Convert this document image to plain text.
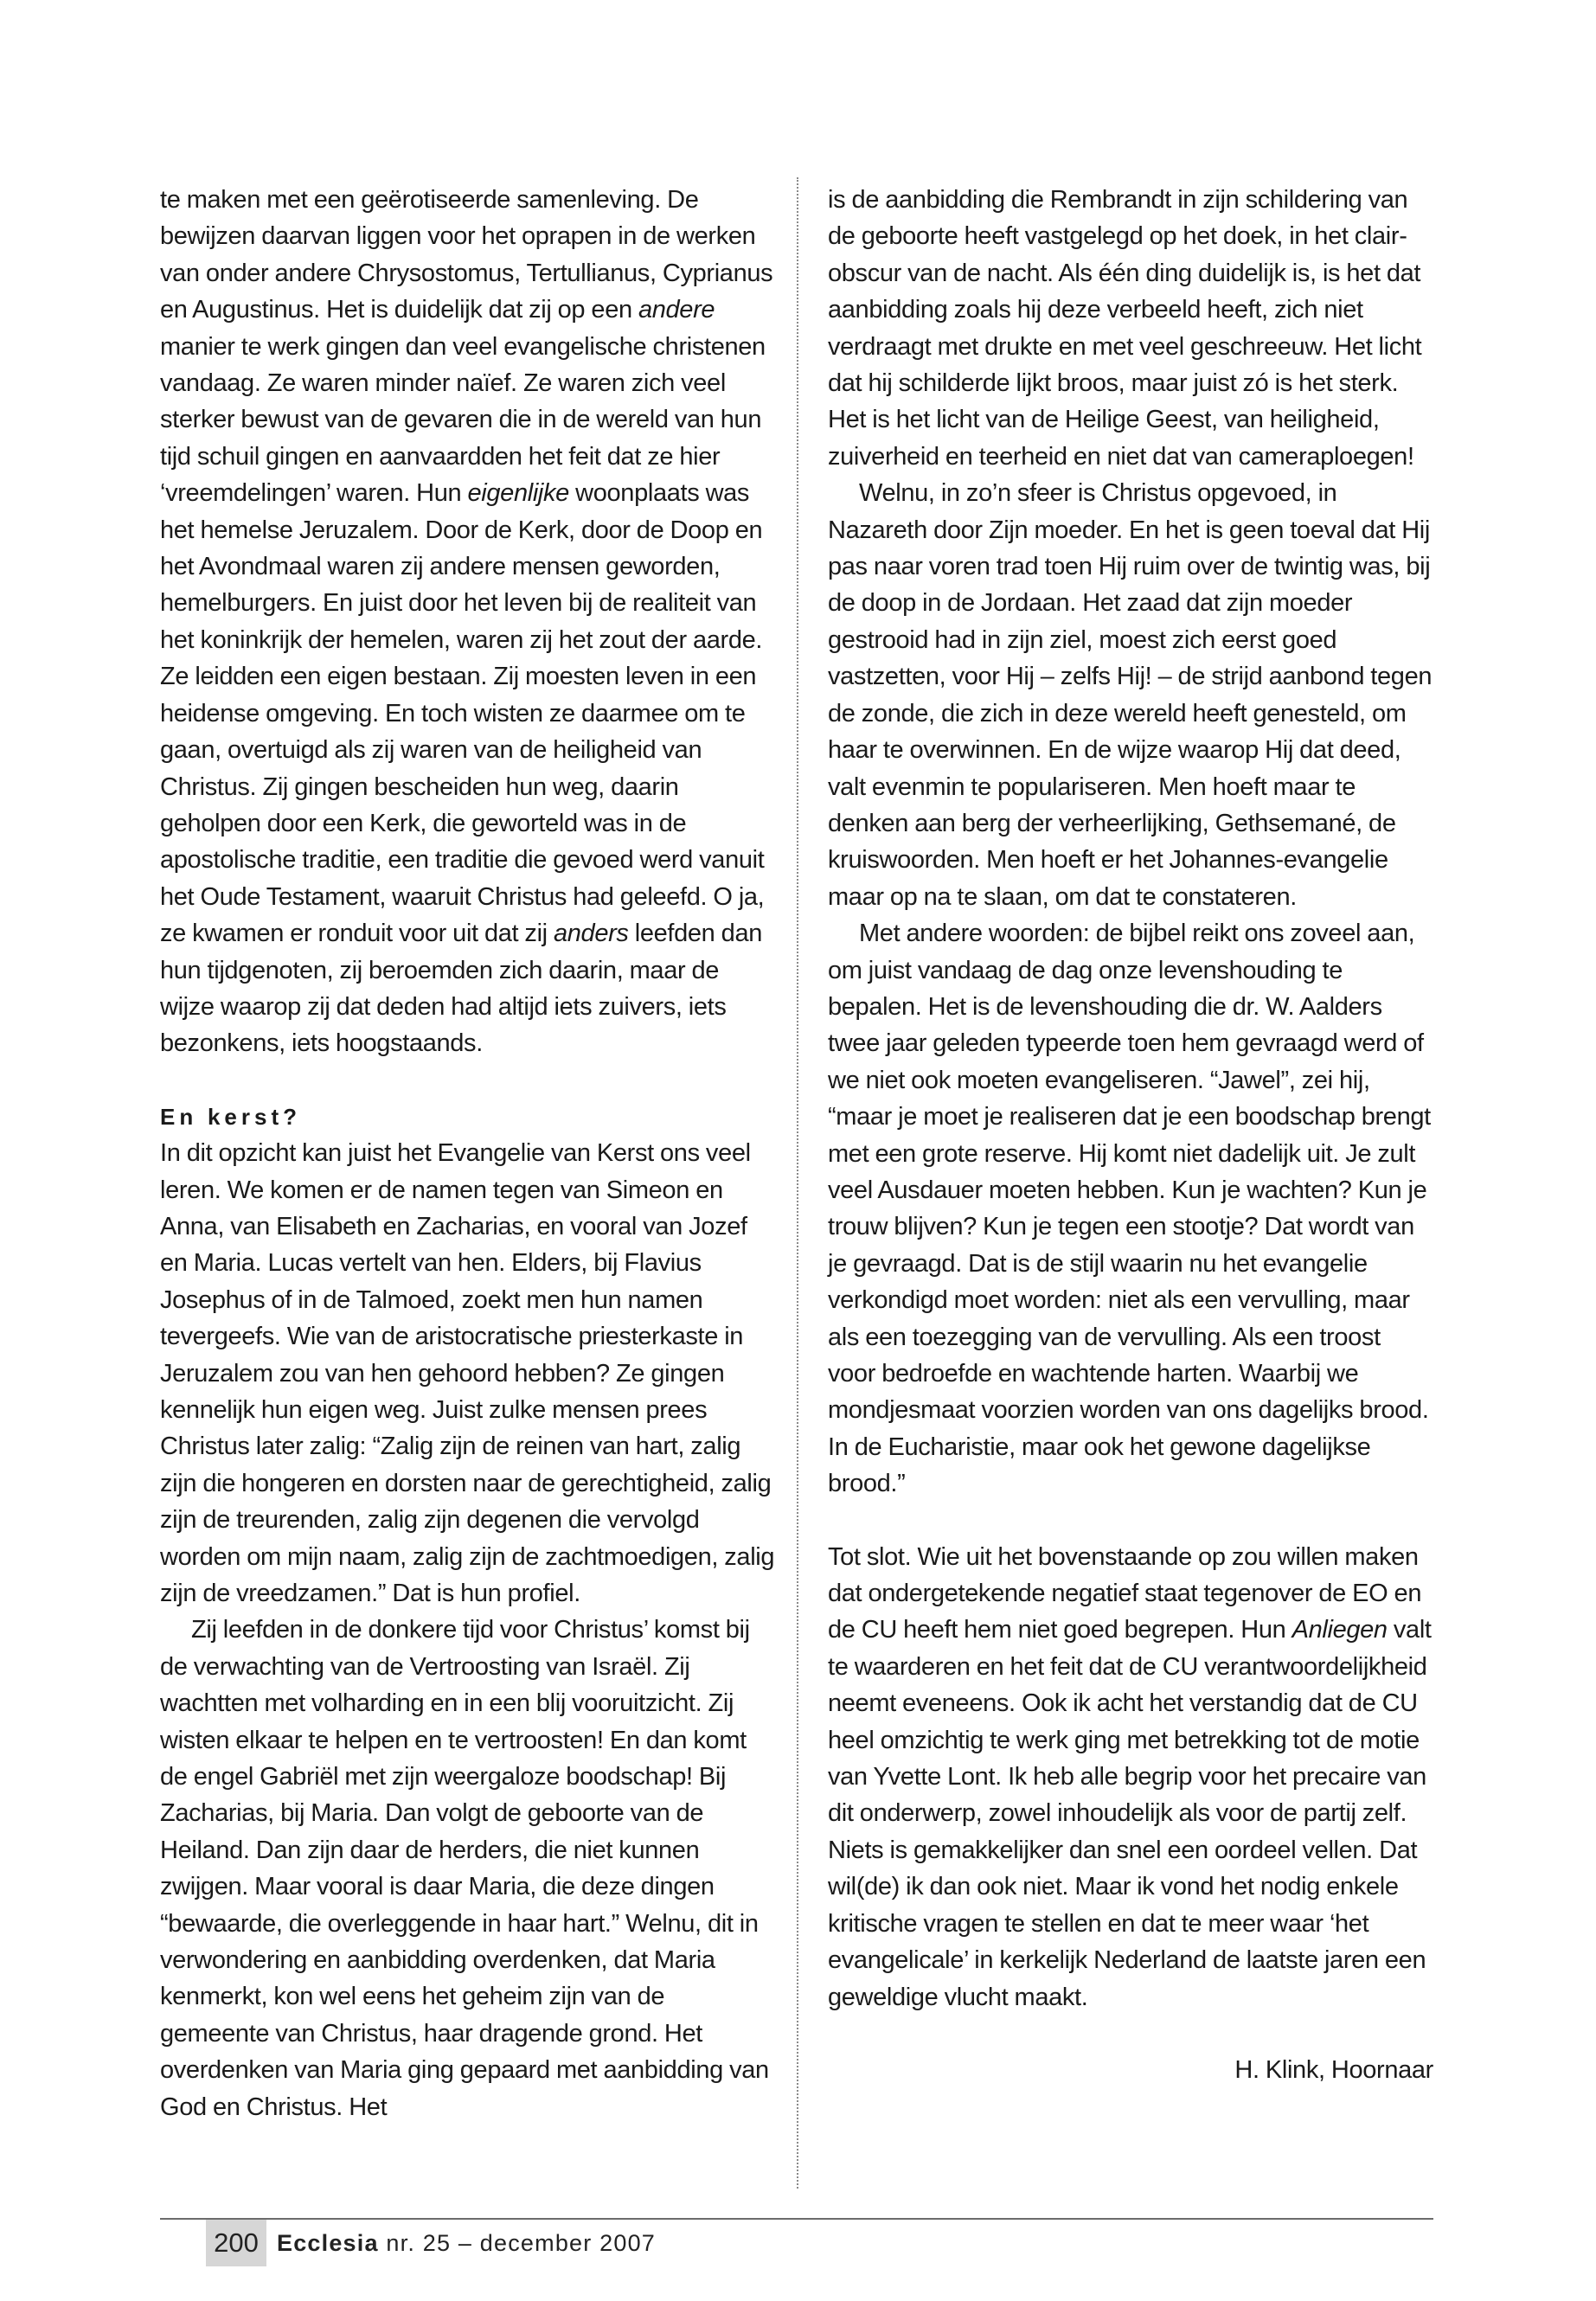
te maken met een geërotiseerde samenleving. De bewijzen daarvan liggen voor het oprapen in de werken van onder andere Chrysostomus, Tertullianus, Cyprianus en Augustinus. Het is duidelijk dat zij op een andere manier te werk gingen dan veel evangelische christenen vandaag. Ze waren minder naïef. Ze waren zich veel sterker bewust van de gevaren die in de wereld van hun tijd schuil gingen en aanvaardden het feit dat ze hier ‘vreemdelingen’ waren. Hun eigenlijke woonplaats was het hemelse Jeruzalem. Door de Kerk, door de Doop en het Avondmaal waren zij andere mensen geworden, hemelburgers. En juist door het leven bij de realiteit van het koninkrijk der hemelen, waren zij het zout der aarde. Ze leidden een eigen bestaan. Zij moesten leven in een heidense omgeving. En toch wisten ze daarmee om te gaan, overtuigd als zij waren van de heiligheid van Christus. Zij gingen bescheiden hun weg, daarin geholpen door een Kerk, die geworteld was in de apostolische traditie, een traditie die gevoed werd vanuit het Oude Testament, waaruit Christus had geleefd. O ja, ze kwamen er ronduit voor uit dat zij anders leefden dan hun tijdgenoten, zij beroemden zich daarin, maar de wijze waarop zij dat deden had altijd iets zuivers, iets bezonkens, iets hoogstaands.

En kerst?

In dit opzicht kan juist het Evangelie van Kerst ons veel leren. We komen er de namen tegen van Simeon en Anna, van Elisabeth en Zacharias, en vooral van Jozef en Maria. Lucas vertelt van hen. Elders, bij Flavius Josephus of in de Talmoed, zoekt men hun namen tevergeefs. Wie van de aristocratische priesterkaste in Jeruzalem zou van hen gehoord hebben? Ze gingen kennelijk hun eigen weg. Juist zulke mensen prees Christus later zalig: “Zalig zijn de reinen van hart, zalig zijn die hongeren en dorsten naar de gerechtigheid, zalig zijn de treurenden, zalig zijn degenen die vervolgd worden om mijn naam, zalig zijn de zachtmoedigen, zalig zijn de vreedzamen.” Dat is hun profiel.

Zij leefden in de donkere tijd voor Christus’ komst bij de verwachting van de Vertroosting van Israël. Zij wachtten met volharding en in een blij vooruitzicht. Zij wisten elkaar te helpen en te vertroosten! En dan komt de engel Gabriël met zijn weergaloze boodschap! Bij Zacharias, bij Maria. Dan volgt de geboorte van de Heiland. Dan zijn daar de herders, die niet kunnen zwijgen. Maar vooral is daar Maria, die deze dingen “bewaarde, die overleggende in haar hart.” Welnu, dit in verwondering en aanbidding overdenken, dat Maria kenmerkt, kon wel eens het geheim zijn van de gemeente van Christus, haar dragende grond. Het overdenken van Maria ging gepaard met aanbidding van God en Christus. Het

is de aanbidding die Rembrandt in zijn schildering van de geboorte heeft vastgelegd op het doek, in het clair-obscur van de nacht. Als één ding duidelijk is, is het dat aanbidding zoals hij deze verbeeld heeft, zich niet verdraagt met drukte en met veel geschreeuw. Het licht dat hij schilderde lijkt broos, maar juist zó is het sterk. Het is het licht van de Heilige Geest, van heiligheid, zuiverheid en teerheid en niet dat van cameraploegen!

Welnu, in zo’n sfeer is Christus opgevoed, in Nazareth door Zijn moeder. En het is geen toeval dat Hij pas naar voren trad toen Hij ruim over de twintig was, bij de doop in de Jordaan. Het zaad dat zijn moeder gestrooid had in zijn ziel, moest zich eerst goed vastzetten, voor Hij – zelfs Hij! – de strijd aanbond tegen de zonde, die zich in deze wereld heeft genesteld, om haar te overwinnen. En de wijze waarop Hij dat deed, valt evenmin te populariseren. Men hoeft maar te denken aan berg der verheerlijking, Gethsemané, de kruiswoorden. Men hoeft er het Johannes-evangelie maar op na te slaan, om dat te constateren.

Met andere woorden: de bijbel reikt ons zoveel aan, om juist vandaag de dag onze levenshouding te bepalen. Het is de levenshouding die dr. W. Aalders twee jaar geleden typeerde toen hem gevraagd werd of we niet ook moeten evangeliseren. “Jawel”, zei hij, “maar je moet je realiseren dat je een boodschap brengt met een grote reserve. Hij komt niet dadelijk uit. Je zult veel Ausdauer moeten hebben. Kun je wachten? Kun je trouw blijven? Kun je tegen een stootje? Dat wordt van je gevraagd. Dat is de stijl waarin nu het evangelie verkondigd moet worden: niet als een vervulling, maar als een toezegging van de vervulling. Als een troost voor bedroefde en wachtende harten. Waarbij we mondjesmaat voorzien worden van ons dagelijks brood. In de Eucharistie, maar ook het gewone dagelijkse brood.”

Tot slot. Wie uit het bovenstaande op zou willen maken dat ondergetekende negatief staat tegenover de EO en de CU heeft hem niet goed begrepen. Hun Anliegen valt te waarderen en het feit dat de CU verantwoordelijkheid neemt eveneens. Ook ik acht het verstandig dat de CU heel omzichtig te werk ging met betrekking tot de motie van Yvette Lont. Ik heb alle begrip voor het precaire van dit onderwerp, zowel inhoudelijk als voor de partij zelf. Niets is gemakkelijker dan snel een oordeel vellen. Dat wil(de) ik dan ook niet. Maar ik vond het nodig enkele kritische vragen te stellen en dat te meer waar ‘het evangelicale’ in kerkelijk Nederland de laatste jaren een geweldige vlucht maakt.

H. Klink, Hoornaar

200 Ecclesia nr. 25 – december 2007
